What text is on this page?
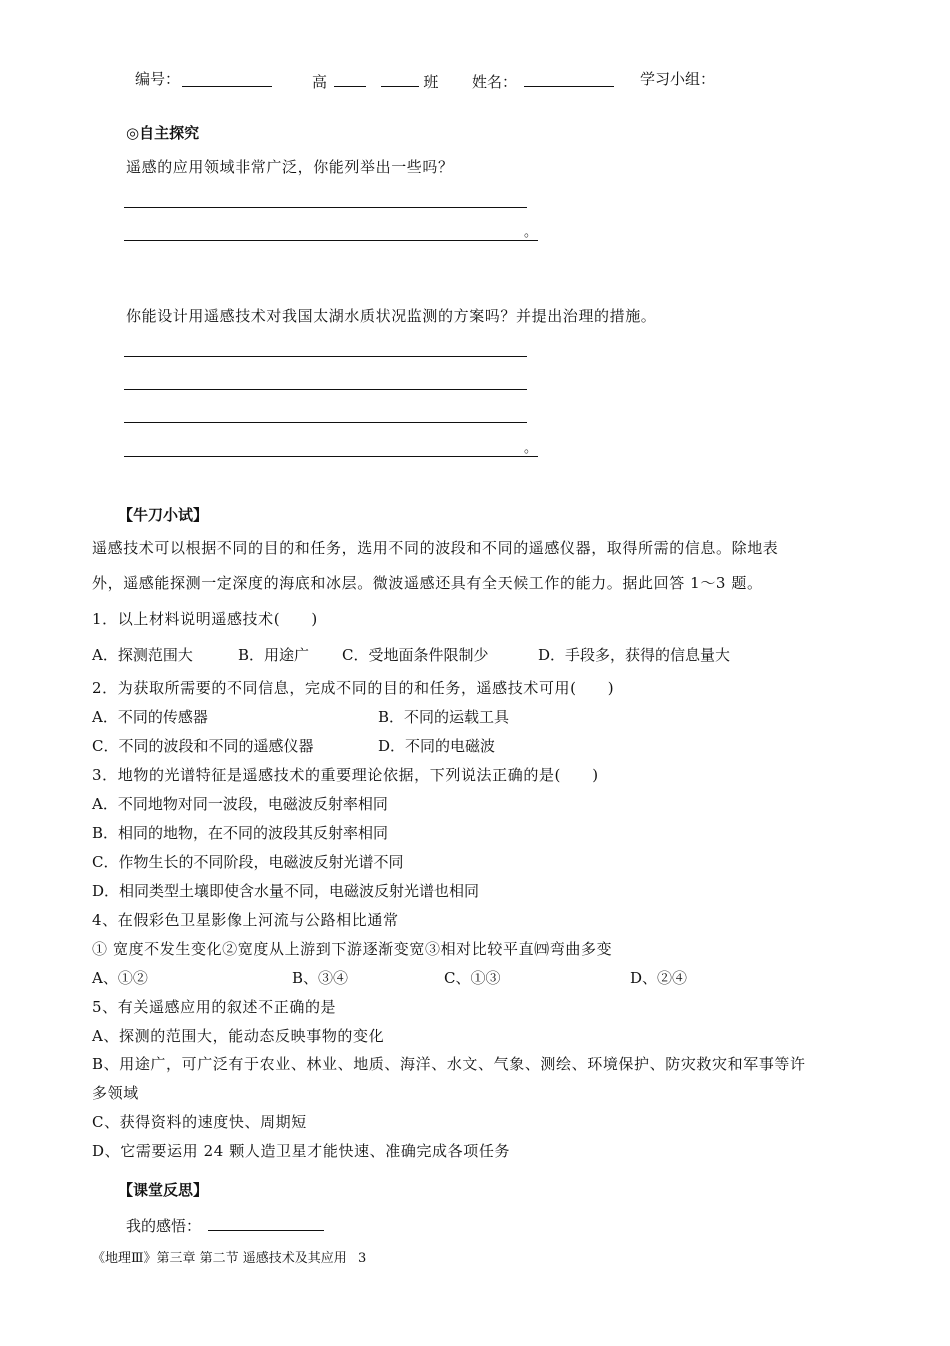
编号：	高	班 姓名：	学习小组：
◎自主探究
遥感的应用领域非常广泛，你能列举出一些吗？
。
你能设计用遥感技术对我国太湖水质状况监测的方案吗？并提出治理的措施。
。
【牛刀小试】
遥感技术可以根据不同的目的和任务，选用不同的波段和不同的遥感仪器，取得所需的信息。除地表
外，遥感能探测一定深度的海底和冰层。微波遥感还具有全天候工作的能力。据此回答 1～3 题。
1．以上材料说明遥感技术(　　)
A．探测范围大	B．用途广 C．受地面条件限制少	D．手段多，获得的信息量大
2．为获取所需要的不同信息，完成不同的目的和任务，遥感技术可用(　　)
A．不同的传感器	B．不同的运载工具
C．不同的波段和不同的遥感仪器	D．不同的电磁波
3．地物的光谱特征是遥感技术的重要理论依据，下列说法正确的是(　　)
A．不同地物对同一波段，电磁波反射率相同
B．相同的地物，在不同的波段其反射率相同
C．作物生长的不同阶段，电磁波反射光谱不同
D．相同类型土壤即使含水量不同，电磁波反射光谱也相同
4、在假彩色卫星影像上河流与公路相比通常
① 宽度不发生变化②宽度从上游到下游逐渐变宽③相对比较平直㈣弯曲多变
A、①②	B、③④	C、①③	D、②④
5、有关遥感应用的叙述不正确的是
A、探测的范围大，能动态反映事物的变化
B、用途广，可广泛有于农业、林业、地质、海洋、水文、气象、测绘、环境保护、防灾救灾和军事等许
多领域
C、获得资料的速度快、周期短
D、它需要运用 24 颗人造卫星才能快速、准确完成各项任务
【课堂反思】
我的感悟：
《地理Ⅲ》第三章 第二节 遥感技术及其应用 3
